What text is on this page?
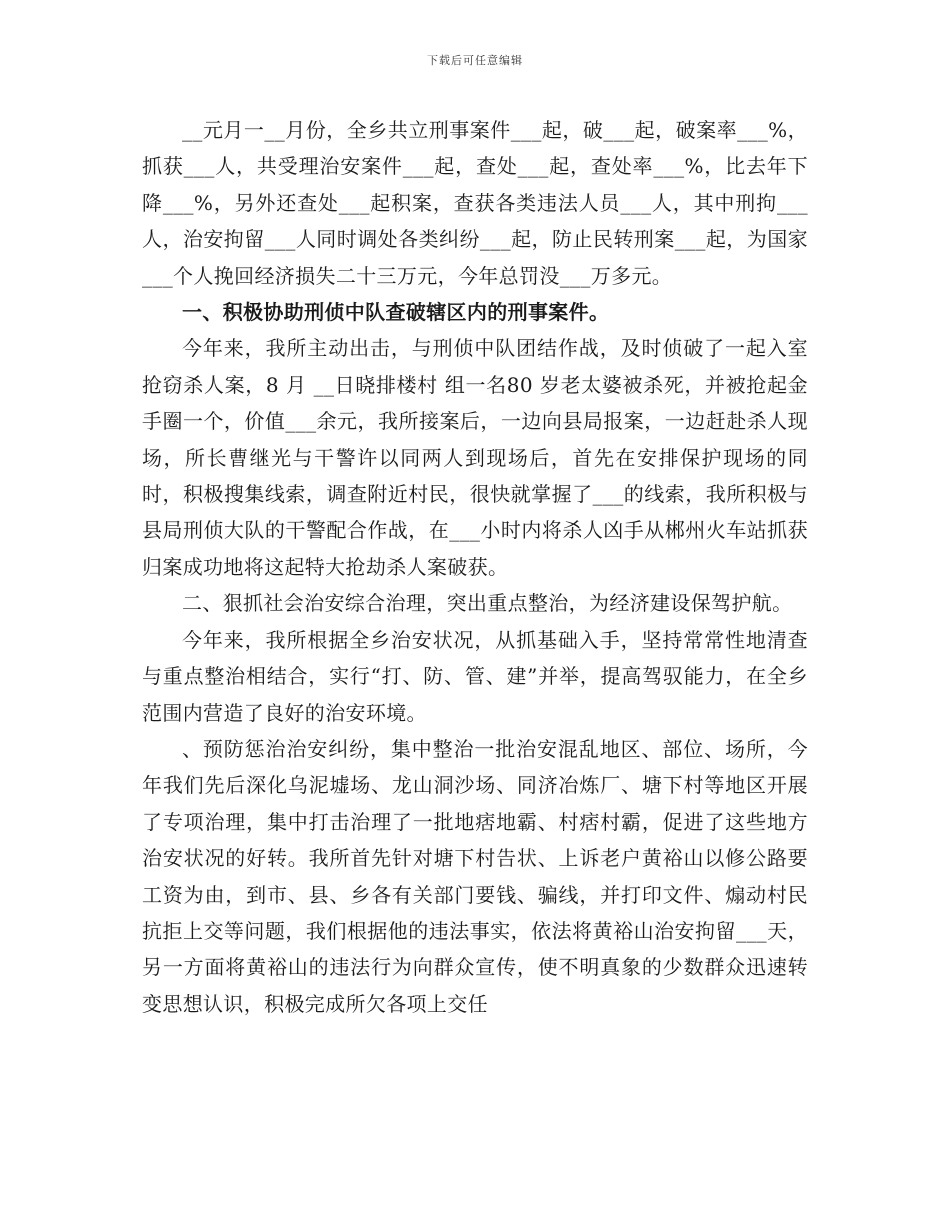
下载后可任意编辑

__元月一__月份，全乡共立刑事案件___起，破___起，破案率___%，抓获___人，共受理治安案件___起，查处___起，查处率___%，比去年下降___%，另外还查处___起积案，查获各类违法人员___人，其中刑拘___人，治安拘留___人同时调处各类纠纷___起，防止民转刑案___起，为国家___个人挽回经济损失二十三万元，今年总罚没___万多元。

一、积极协助刑侦中队查破辖区内的刑事案件。

今年来，我所主动出击，与刑侦中队团结作战，及时侦破了一起入室抢窃杀人案，8 月 __日晓排楼村 组一名80 岁老太婆被杀死，并被抢起金手圈一个，价值___余元，我所接案后，一边向县局报案，一边赶赴杀人现场，所长曹继光与干警许以同两人到现场后，首先在安排保护现场的同时，积极搜集线索，调查附近村民，很快就掌握了___的线索，我所积极与县局刑侦大队的干警配合作战，在___小时内将杀人凶手从郴州火车站抓获归案成功地将这起特大抢劫杀人案破获。

二、狠抓社会治安综合治理，突出重点整治，为经济建设保驾护航。

今年来，我所根据全乡治安状况，从抓基础入手，坚持常常性地清查与重点整治相结合，实行“打、防、管、建”并举，提高驾驭能力，在全乡范围内营造了良好的治安环境。

、预防惩治治安纠纷，集中整治一批治安混乱地区、部位、场所，今年我们先后深化乌泥墟场、龙山洞沙场、同济冶炼厂、塘下村等地区开展了专项治理，集中打击治理了一批地痞地霸、村痞村霸，促进了这些地方治安状况的好转。我所首先针对塘下村告状、上诉老户黄裕山以修公路要工资为由，到市、县、乡各有关部门要钱、骗线，并打印文件、煽动村民抗拒上交等问题，我们根据他的违法事实，依法将黄裕山治安拘留___天，另一方面将黄裕山的违法行为向群众宣传，使不明真象的少数群众迅速转变思想认识，积极完成所欠各项上交任
